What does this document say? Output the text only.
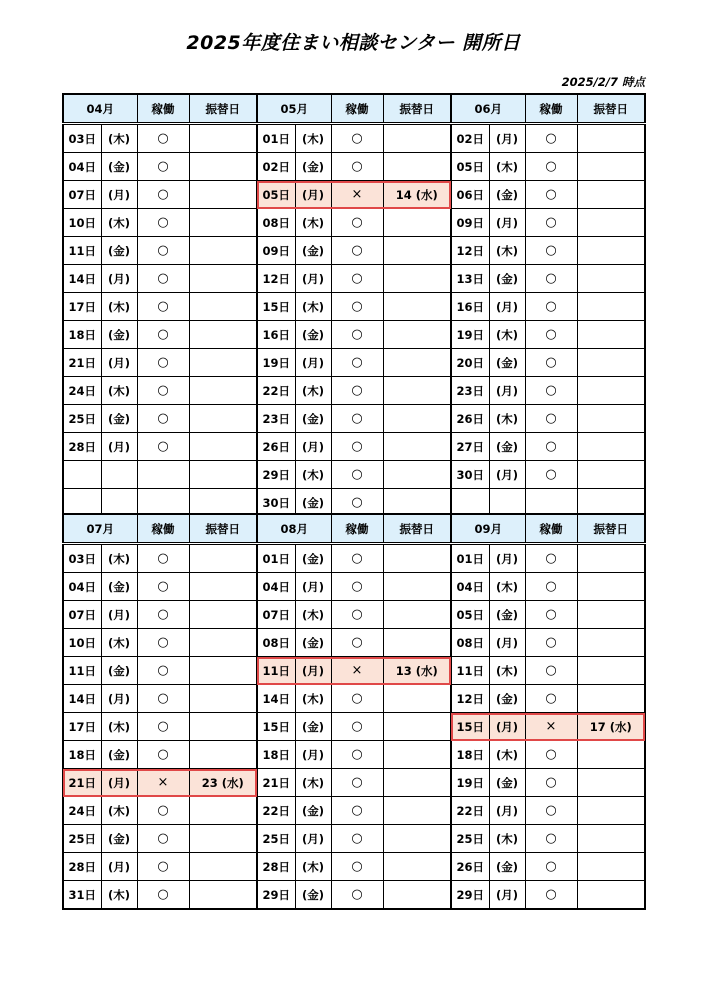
2025年度住まい相談センター 開所日
2025/2/7 時点
04月		稼働	振替日	05月		稼働	振替日	06月		稼働	振替日
03日	(木)	○		01日	(木)	○		02日	(月)	○	
04日	(金)	○		02日	(金)	○		05日	(木)	○	
07日	(月)	○		05日	(月)	×	14 (水)	06日	(金)	○	
10日	(木)	○		08日	(木)	○		09日	(月)	○	
11日	(金)	○		09日	(金)	○		12日	(木)	○	
14日	(月)	○		12日	(月)	○		13日	(金)	○	
17日	(木)	○		15日	(木)	○		16日	(月)	○	
18日	(金)	○		16日	(金)	○		19日	(木)	○	
21日	(月)	○		19日	(月)	○		20日	(金)	○	
24日	(木)	○		22日	(木)	○		23日	(月)	○	
25日	(金)	○		23日	(金)	○		26日	(木)	○	
28日	(月)	○		26日	(月)	○		27日	(金)	○	
				29日	(木)	○		30日	(月)	○	
				30日	(金)	○					
07月		稼働	振替日	08月		稼働	振替日	09月		稼働	振替日
03日	(木)	○		01日	(金)	○		01日	(月)	○	
04日	(金)	○		04日	(月)	○		04日	(木)	○	
07日	(月)	○		07日	(木)	○		05日	(金)	○	
10日	(木)	○		08日	(金)	○		08日	(月)	○	
11日	(金)	○		11日	(月)	×	13 (水)	11日	(木)	○	
14日	(月)	○		14日	(木)	○		12日	(金)	○	
17日	(木)	○		15日	(金)	○		15日	(月)	×	17 (水)
18日	(金)	○		18日	(月)	○		18日	(木)	○	
21日	(月)	×	23 (水)	21日	(木)	○		19日	(金)	○	
24日	(木)	○		22日	(金)	○		22日	(月)	○	
25日	(金)	○		25日	(月)	○		25日	(木)	○	
28日	(月)	○		28日	(木)	○		26日	(金)	○	
31日	(木)	○		29日	(金)	○		29日	(月)	○	
